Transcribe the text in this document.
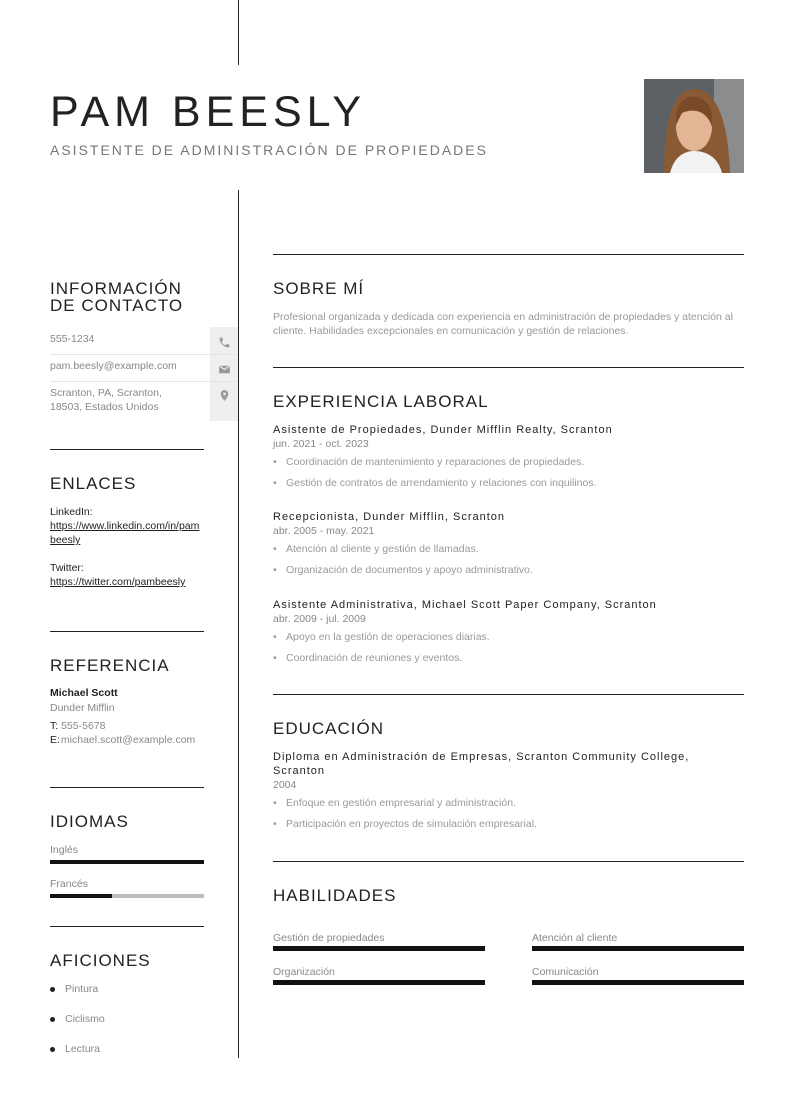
PAM BEESLY
ASISTENTE DE ADMINISTRACIÓN DE PROPIEDADES
INFORMACIÓN
DE CONTACTO
555-1234
pam.beesly@example.com
Scranton, PA, Scranton,
18503, Estados Unidos
ENLACES
LinkedIn:
https://www.linkedin.com/in/pambeesly
Twitter:
https://twitter.com/pambeesly
REFERENCIA
Michael Scott
Dunder Mifflin
T: 555-5678
E: michael.scott@example.com
IDIOMAS
Inglés
Francés
AFICIONES
Pintura
Ciclismo
Lectura
SOBRE MÍ
Profesional organizada y dedicada con experiencia en administración de propiedades y atención al cliente. Habilidades excepcionales en comunicación y gestión de relaciones.
EXPERIENCIA LABORAL
Asistente de Propiedades, Dunder Mifflin Realty, Scranton
jun. 2021 - oct. 2023
• Coordinación de mantenimiento y reparaciones de propiedades.
• Gestión de contratos de arrendamiento y relaciones con inquilinos.
Recepcionista, Dunder Mifflin, Scranton
abr. 2005 - may. 2021
• Atención al cliente y gestión de llamadas.
• Organización de documentos y apoyo administrativo.
Asistente Administrativa, Michael Scott Paper Company, Scranton
abr. 2009 - jul. 2009
• Apoyo en la gestión de operaciones diarias.
• Coordinación de reuniones y eventos.
EDUCACIÓN
Diploma en Administración de Empresas, Scranton Community College, Scranton
2004
• Enfoque en gestión empresarial y administración.
• Participación en proyectos de simulación empresarial.
HABILIDADES
Gestión de propiedades	Atención al cliente
Organización	Comunicación
